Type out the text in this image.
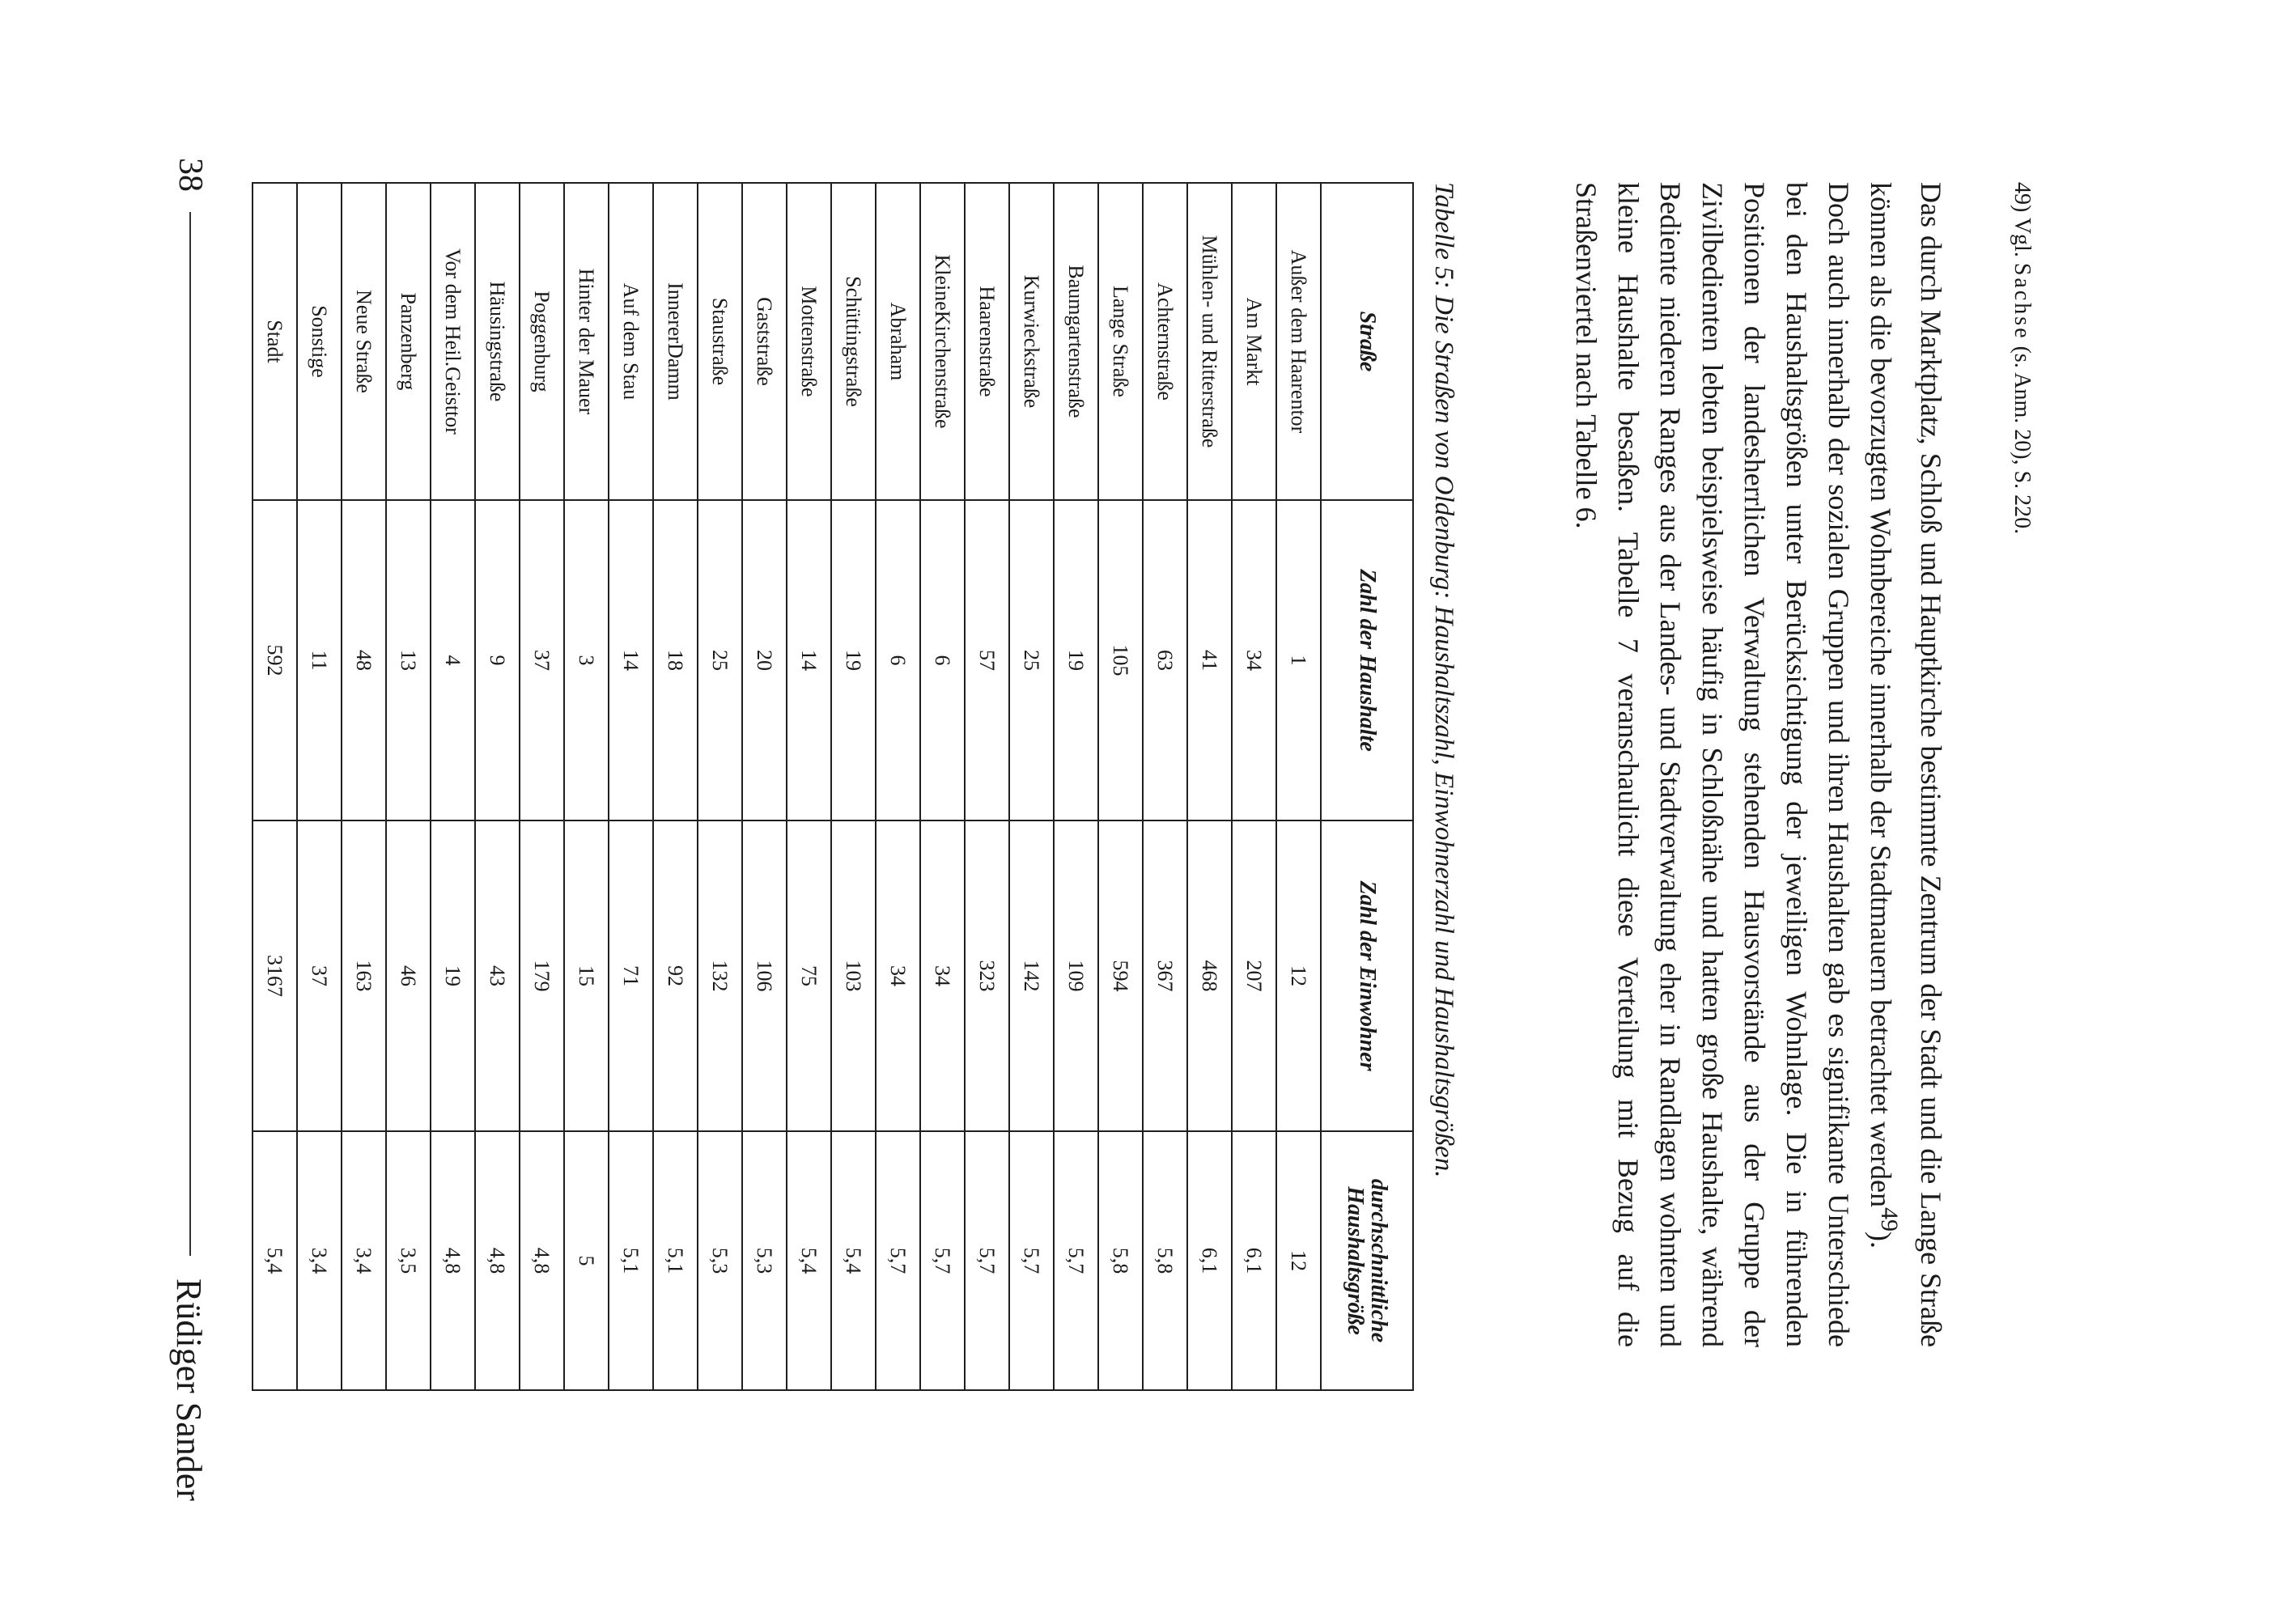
38
Rüdiger Sander
Straße	Zahl der Haushalte	Zahl der Einwohner	durchschnittliche Haushaltsgröße
Außer dem Haarentor	1	12	12
Am Markt	34	207	6,1
Mühlen- und Ritterstraße	41	468	6,1
Achternstraße	63	367	5,8
Lange Straße	105	594	5,8
Baumgartenstraße	19	109	5,7
Kurwieckstraße	25	142	5,7
Haarenstraße	57	323	5,7
KleineKirchenstraße	6	34	5,7
Abraham	6	34	5,7
Schüttingstraße	19	103	5,4
Mottenstraße	14	75	5,4
Gaststraße	20	106	5,3
Staustraße	25	132	5,3
InnererDamm	18	92	5,1
Auf dem Stau	14	71	5,1
Hinter der Mauer	3	15	5
Poggenburg	37	179	4,8
Häusingstraße	9	43	4,8
Vor dem Heil.Geisttor	4	19	4,8
Panzenberg	13	46	3,5
Neue Straße	48	163	3,4
Sonstige	11	37	3,4
Stadt	592	3167	5,4
Tabelle 5: Die Straßen von Oldenburg: Haushaltszahl, Einwohnerzahl und Haushaltsgrößen.	Das durch Marktplatz, Schloß und Hauptkirche bestimmte Zentrum der Stadt und die Lange Straße können als die bevorzugten Wohnbereiche innerhalb der Stadtmauern betrachtet werden$^{49}$).

Doch auch innerhalb der sozialen Gruppen und ihren Haushalten gab es signifikante Unterschiede bei den Haushaltsgrößen unter Berücksichtigung der jeweiligen Wohnlage. Die in führenden Positionen der landesherrlichen Verwaltung stehenden Hausvorstände aus der Gruppe der Zivilbedienten lebten beispielsweise häufig in Schloßnähe und hatten große Haushalte, während Bediente niederen Ranges aus der Landes- und Stadtverwaltung eher in Randlagen wohnten und kleine Haushalte besaßen. Tabelle 7 veranschaulicht diese Verteilung mit Bezug auf die Straßenviertel nach Tabelle 6.	49) Vgl. Sachse (s. Anm. 20), S. 220.
